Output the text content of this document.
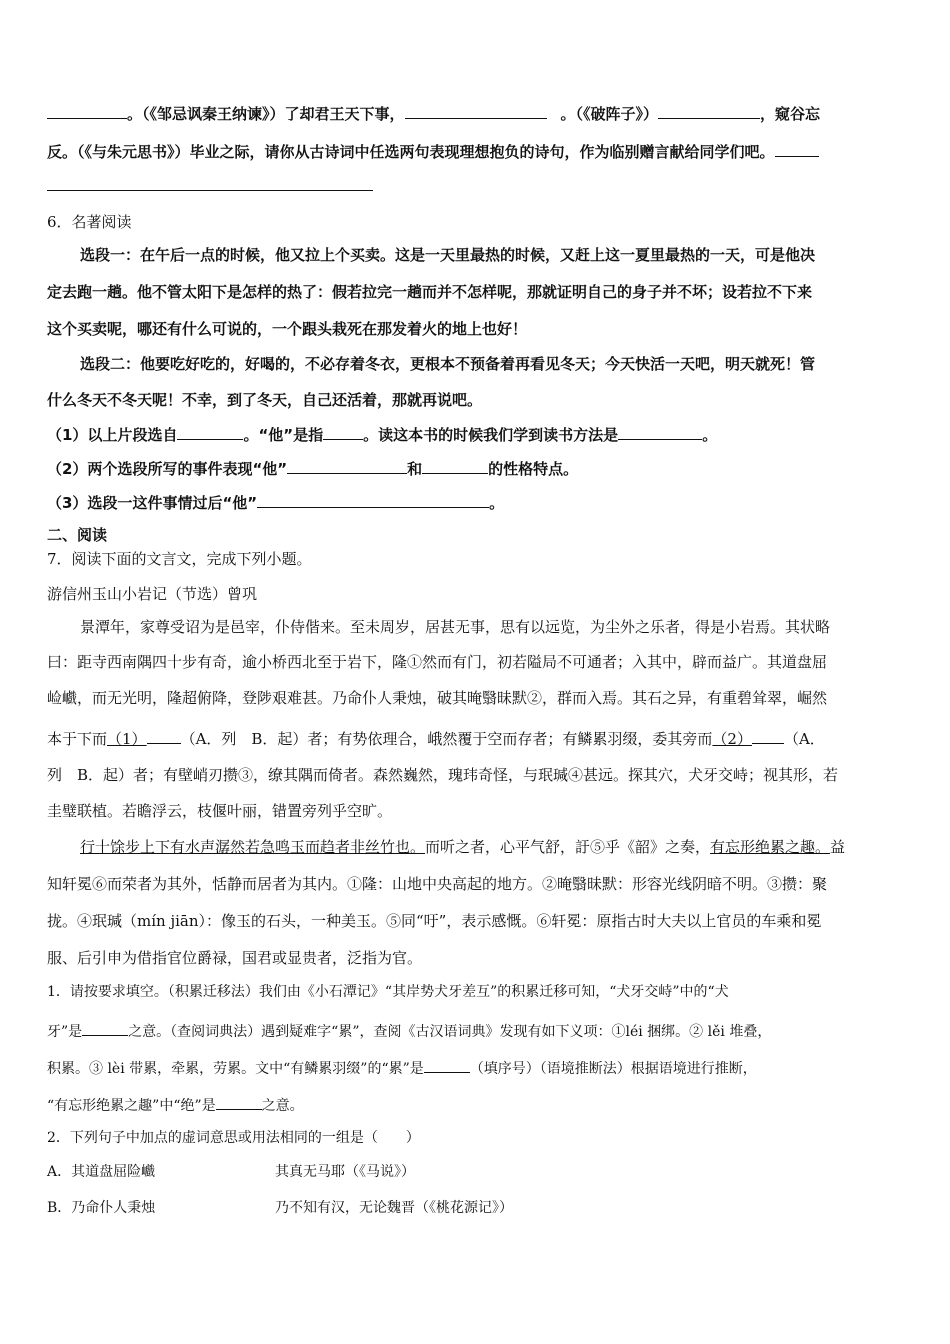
。（《邹忌讽秦王纳谏》）了却君王天下事，	。（《破阵子》）	，窥谷忘
反。（《与朱元思书》）毕业之际，请你从古诗词中任选两句表现理想抱负的诗句，作为临别赠言献给同学们吧。
6．名著阅读
选段一：在午后一点的时候，他又拉上个买卖。这是一天里最热的时候，又赶上这一夏里最热的一天，可是他决
定去跑一趟。他不管太阳下是怎样的热了：假若拉完一趟而并不怎样呢，那就证明自己的身子并不坏；设若拉不下来
这个买卖呢，哪还有什么可说的，一个跟头栽死在那发着火的地上也好！
选段二：他要吃好吃的，好喝的，不必存着冬衣，更根本不预备着再看见冬天；今天快活一天吧，明天就死！管
什么冬天不冬天呢！不幸，到了冬天，自己还活着，那就再说吧。
（1）以上片段选自	。“他”是指	。读这本书的时候我们学到读书方法是	。
（2）两个选段所写的事件表现“他”	和	的性格特点。
（3）选段一这件事情过后“他”	。
二、阅读
7．阅读下面的文言文，完成下列小题。
游信州玉山小岩记（节选）曾巩
景潭年，家尊受诏为是邑宰，仆侍偕来。至未周岁，居甚无事，思有以远览，为尘外之乐者，得是小岩焉。其状略
曰：距寺西南隅四十步有奇，逾小桥西北至于岩下，隆①然而有门，初若隘局不可通者；入其中，辟而益广。其道盘屈
崄巇，而无光明，隆超俯降，登陟艰难甚。乃命仆人秉烛，破其晻翳昧默②，群而入焉。其石之异，有重碧耸翠，崛然
本于下而（1） （A．列　B．起）者；有势依理合，峨然覆于空而存者；有鳞累羽缀，委其旁而（2） （A．
列　B．起）者；有壁峭刃攒③，缭其隅而倚者。森然巍然，瑰玮奇怪，与珉瑊④甚远。探其穴，犬牙交峙；视其形，若
圭璧联植。若瞻浮云，枝偃叶丽，错置旁列乎空旷。
行十馀步上下有水声潺然若急鸣玉而趋者非丝竹也。而听之者，心平气舒，訏⑤乎《韶》之奏，有忘形绝累之趣。益
知轩冕⑥而荣者为其外，恬静而居者为其内。①隆：山地中央高起的地方。②晻翳昧默：形容光线阴暗不明。③攒：聚
拢。④珉瑊（mín jiān）：像玉的石头，一种美玉。⑤同“吁”，表示感慨。⑥轩冕：原指古时大夫以上官员的车乘和冕
服、后引申为借指官位爵禄，国君或显贵者，泛指为官。
1．请按要求填空。（积累迁移法）我们由《小石潭记》“其岸势犬牙差互”的积累迁移可知，“犬牙交峙”中的“犬
牙”是	之意。（查阅词典法）遇到疑难字“累”，查阅《古汉语词典》发现有如下义项：①léi 捆绑。② lěi 堆叠，
积累。③ lèi 带累，牵累，劳累。文中“有鳞累羽缀”的“累”是	（填序号）（语境推断法）根据语境进行推断，
“有忘形绝累之趣”中“绝”是	之意。
2．下列句子中加点的虚词意思或用法相同的一组是（　　）
A．其道盘屈险巇	其真无马耶（《马说》）
B．乃命仆人秉烛	乃不知有汉，无论魏晋（《桃花源记》）
